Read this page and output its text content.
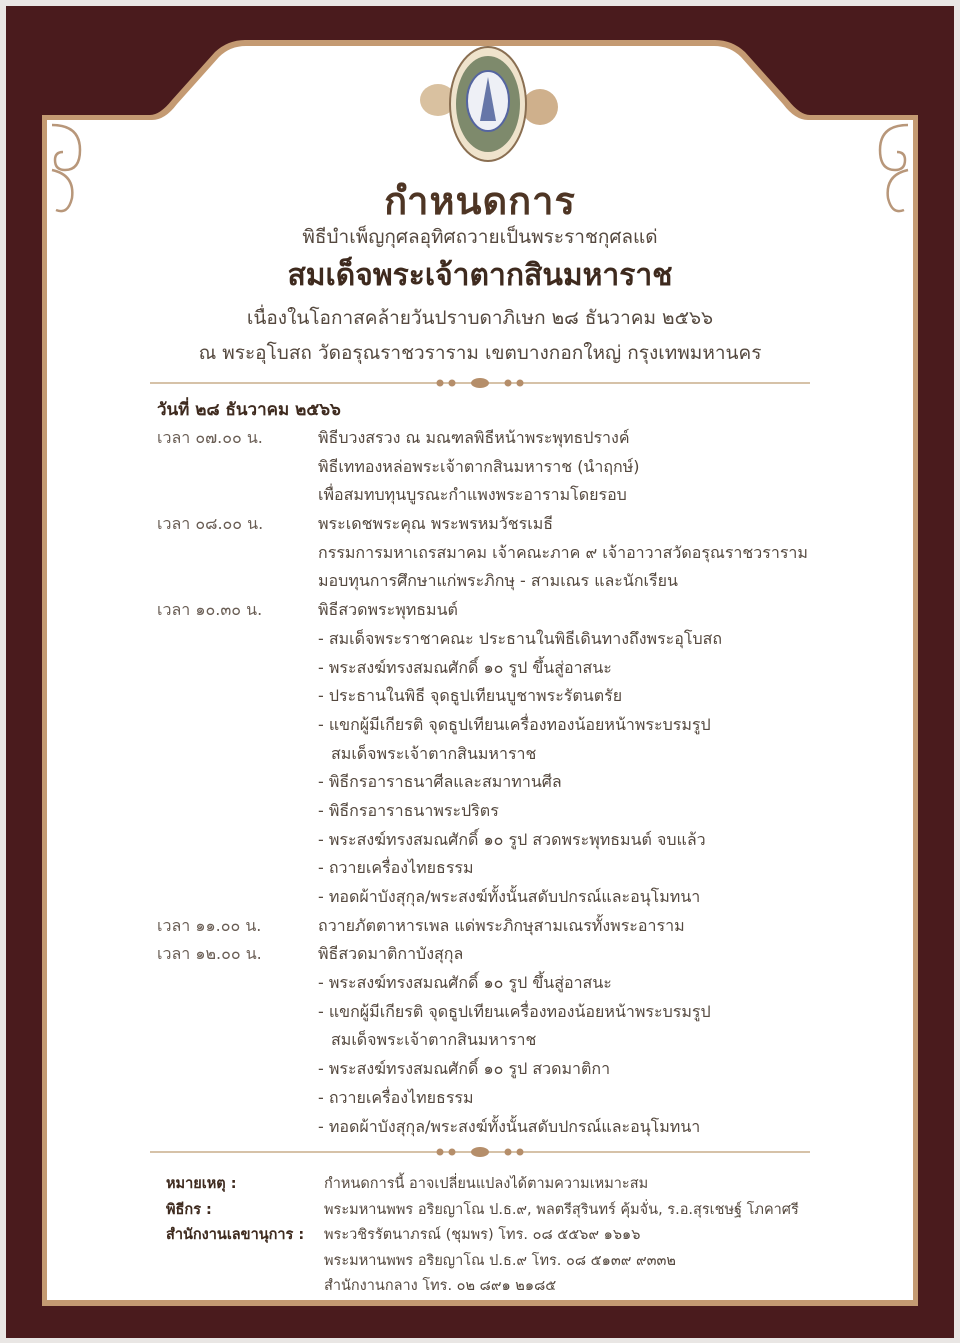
กำหนดการ
พิธีบำเพ็ญกุศลอุทิศถวายเป็นพระราชกุศลแด่
สมเด็จพระเจ้าตากสินมหาราช
เนื่องในโอกาสคล้ายวันปราบดาภิเษก ๒๘ ธันวาคม ๒๕๖๖
ณ พระอุโบสถ วัดอรุณราชวราราม เขตบางกอกใหญ่ กรุงเทพมหานคร
วันที่ ๒๘ ธันวาคม ๒๕๖๖
เวลา ๐๗.๐๐ น.	พิธีบวงสรวง ณ มณฑลพิธีหน้าพระพุทธปรางค์
พิธีเททองหล่อพระเจ้าตากสินมหาราช (นำฤกษ์)
เพื่อสมทบทุนบูรณะกำแพงพระอารามโดยรอบ
เวลา ๐๘.๐๐ น.	พระเดชพระคุณ พระพรหมวัชรเมธี
กรรมการมหาเถรสมาคม เจ้าคณะภาค ๙ เจ้าอาวาสวัดอรุณราชวราราม
มอบทุนการศึกษาแก่พระภิกษุ - สามเณร และนักเรียน
เวลา ๑๐.๓๐ น.	พิธีสวดพระพุทธมนต์
- สมเด็จพระราชาคณะ ประธานในพิธีเดินทางถึงพระอุโบสถ
- พระสงฆ์ทรงสมณศักดิ์ ๑๐ รูป ขึ้นสู่อาสนะ
- ประธานในพิธี จุดธูปเทียนบูชาพระรัตนตรัย
- แขกผู้มีเกียรติ จุดธูปเทียนเครื่องทองน้อยหน้าพระบรมรูป
สมเด็จพระเจ้าตากสินมหาราช
- พิธีกรอาราธนาศีลและสมาทานศีล
- พิธีกรอาราธนาพระปริตร
- พระสงฆ์ทรงสมณศักดิ์ ๑๐ รูป สวดพระพุทธมนต์ จบแล้ว
- ถวายเครื่องไทยธรรม
- ทอดผ้าบังสุกุล/พระสงฆ์ทั้งนั้นสดับปกรณ์และอนุโมทนา
เวลา ๑๑.๐๐ น.	ถวายภัตตาหารเพล แด่พระภิกษุสามเณรทั้งพระอาราม
เวลา ๑๒.๐๐ น.	พิธีสวดมาติกาบังสุกุล
- พระสงฆ์ทรงสมณศักดิ์ ๑๐ รูป ขึ้นสู่อาสนะ
- แขกผู้มีเกียรติ จุดธูปเทียนเครื่องทองน้อยหน้าพระบรมรูป
สมเด็จพระเจ้าตากสินมหาราช
- พระสงฆ์ทรงสมณศักดิ์ ๑๐ รูป สวดมาติกา
- ถวายเครื่องไทยธรรม
- ทอดผ้าบังสุกุล/พระสงฆ์ทั้งนั้นสดับปกรณ์และอนุโมทนา
หมายเหตุ :	กำหนดการนี้ อาจเปลี่ยนแปลงได้ตามความเหมาะสม
พิธีกร :	พระมหานพพร อริยญาโณ ป.ธ.๙, พลตรีสุรินทร์ คุ้มจั่น, ร.อ.สุรเชษฐ์ โภคาศรี
สำนักงานเลขานุการ :	พระวชิรรัตนาภรณ์ (ชุมพร) โทร. ๐๘ ๕๕๖๙ ๑๖๑๖
พระมหานพพร อริยญาโณ ป.ธ.๙ โทร. ๐๘ ๕๑๓๙ ๙๓๓๒
สำนักงานกลาง โทร. ๐๒ ๘๙๑ ๒๑๘๕
